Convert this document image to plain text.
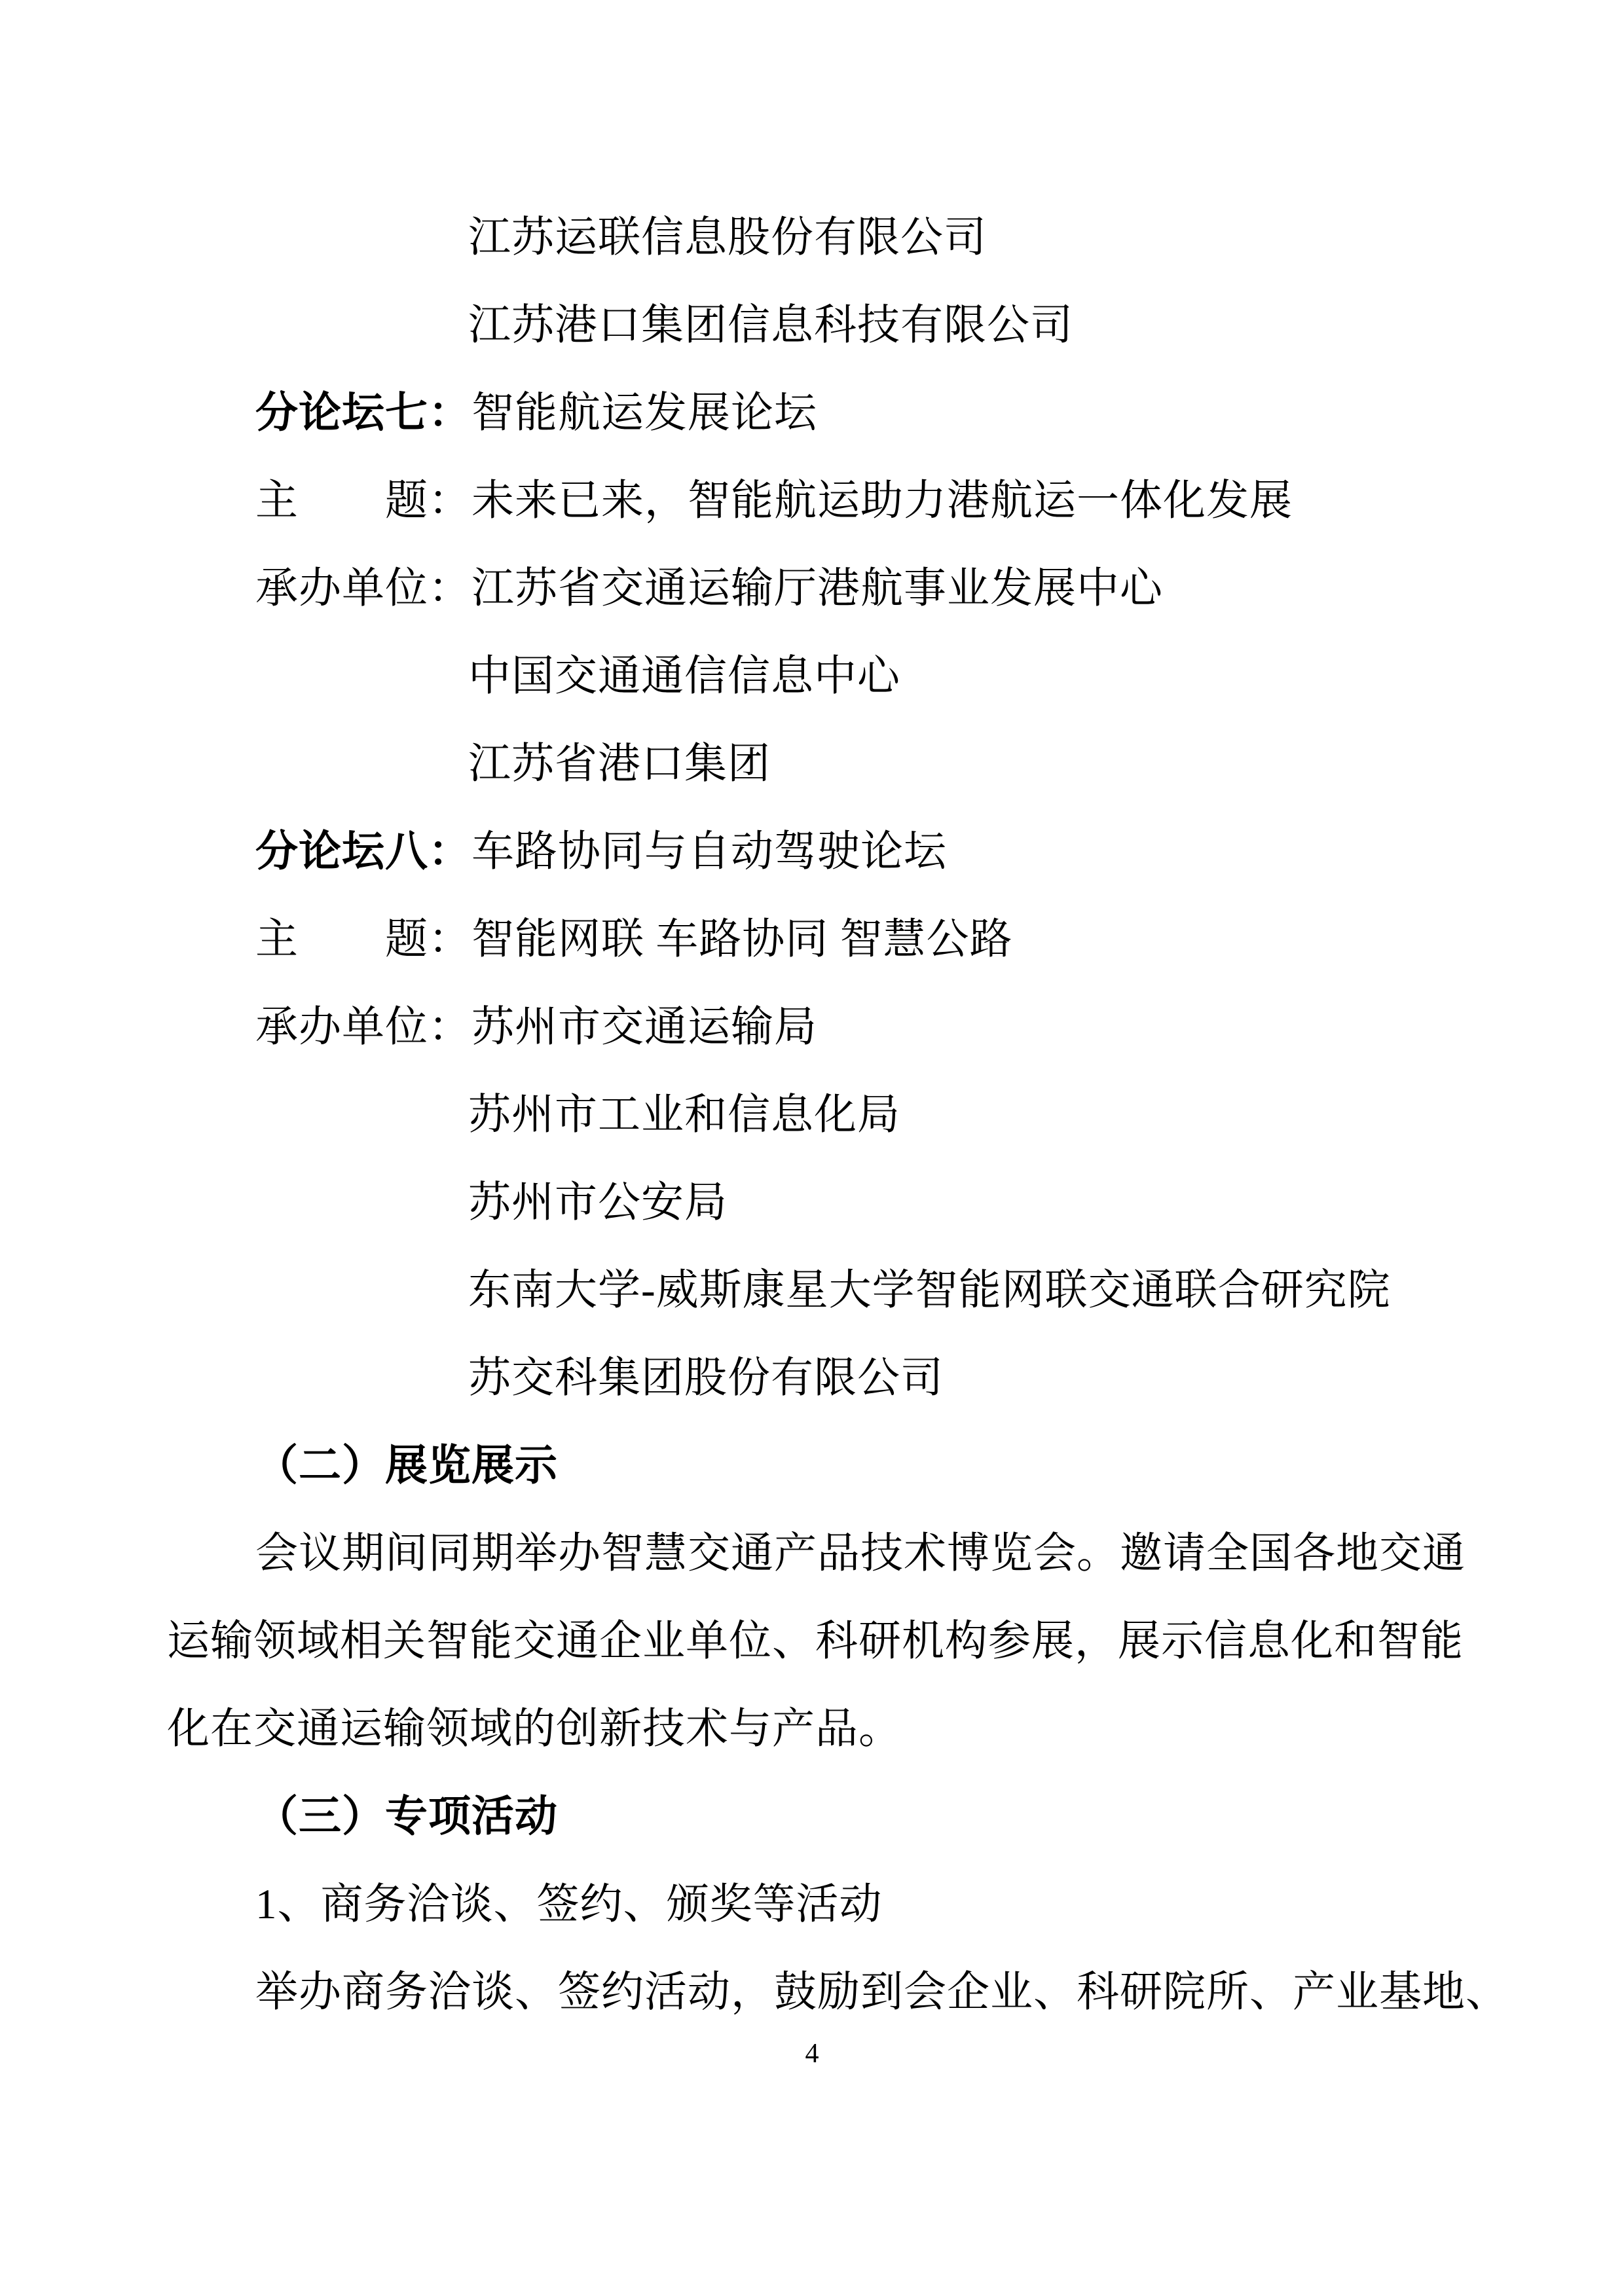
江苏运联信息股份有限公司
江苏港口集团信息科技有限公司
分论坛七：智能航运发展论坛
主　　题：未来已来，智能航运助力港航运一体化发展
承办单位：江苏省交通运输厅港航事业发展中心
中国交通通信信息中心
江苏省港口集团
分论坛八：车路协同与自动驾驶论坛
主　　题：智能网联 车路协同 智慧公路
承办单位：苏州市交通运输局
苏州市工业和信息化局
苏州市公安局
东南大学-威斯康星大学智能网联交通联合研究院
苏交科集团股份有限公司
（二）展览展示
会议期间同期举办智慧交通产品技术博览会。邀请全国各地交通
运输领域相关智能交通企业单位、科研机构参展，展示信息化和智能
化在交通运输领域的创新技术与产品。
（三）专项活动
1、商务洽谈、签约、颁奖等活动
举办商务洽谈、签约活动，鼓励到会企业、科研院所、产业基地、
4
